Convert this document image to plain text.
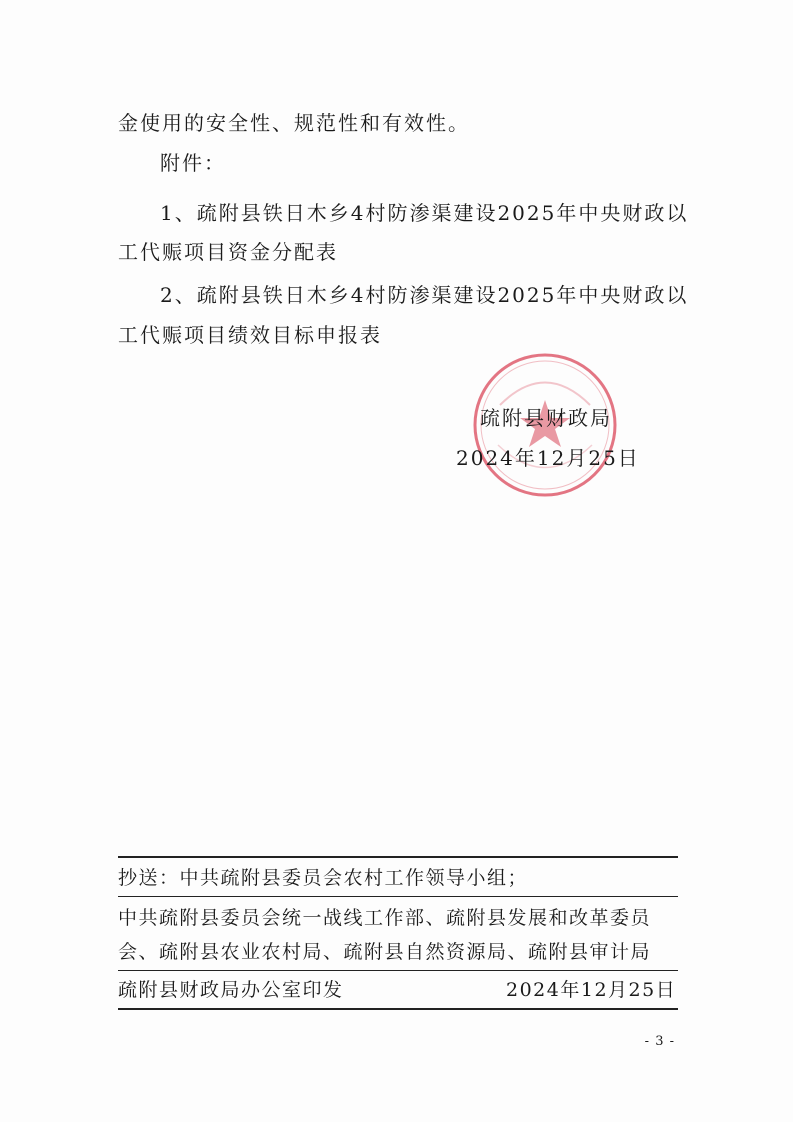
金使用的安全性、规范性和有效性。
附件：
1、疏附县铁日木乡4村防渗渠建设2025年中央财政以
工代赈项目资金分配表
2、疏附县铁日木乡4村防渗渠建设2025年中央财政以
工代赈项目绩效目标申报表
疏附县财政局
2024年12月25日
抄送：中共疏附县委员会农村工作领导小组；
中共疏附县委员会统一战线工作部、疏附县发展和改革委员
会、疏附县农业农村局、疏附县自然资源局、疏附县审计局
疏附县财政局办公室印发	2024年12月25日
- 3 -
